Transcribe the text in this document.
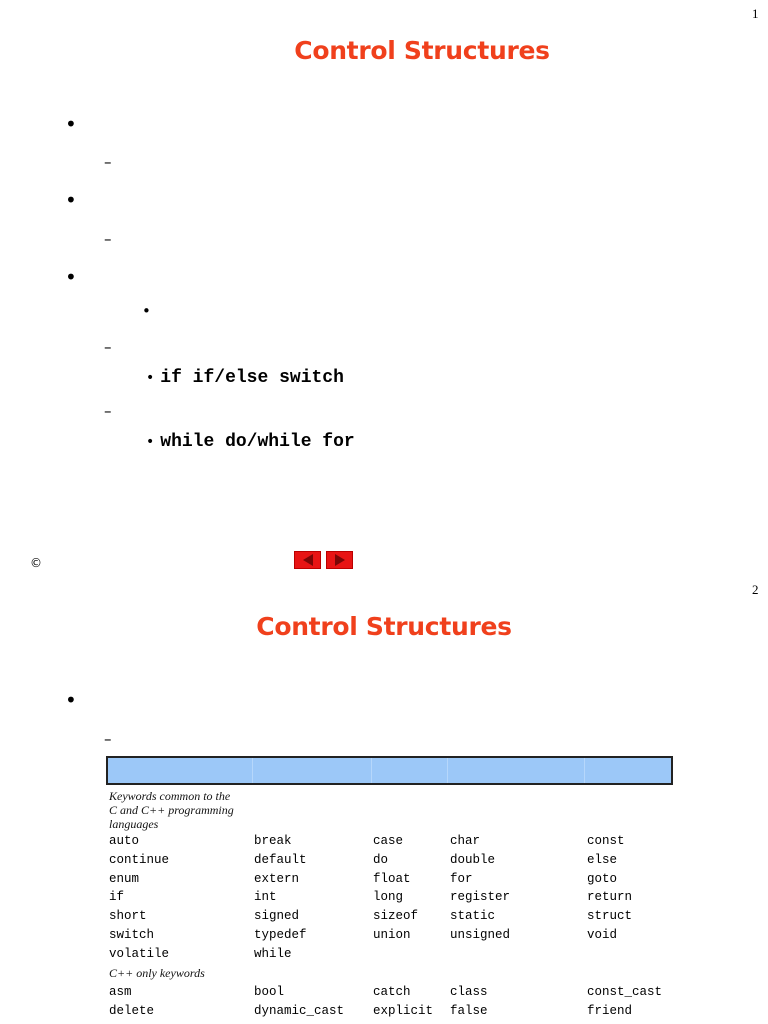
1
Control Structures
•
–
•
–
•
•
–
• if if/else switch
–
• while do/while for
©
2
Control Structures
•
–
Keywords common to the
C and C++ programming
languages
auto	break	case	char	const
continue	default	do	double	else
enum	extern	float	for	goto
if	int	long	register	return
short	signed	sizeof	static	struct
switch	typedef	union	unsigned	void
volatile	while
C++ only keywords
asm	bool	catch	class	const_cast
delete	dynamic_cast explicit false	friend
